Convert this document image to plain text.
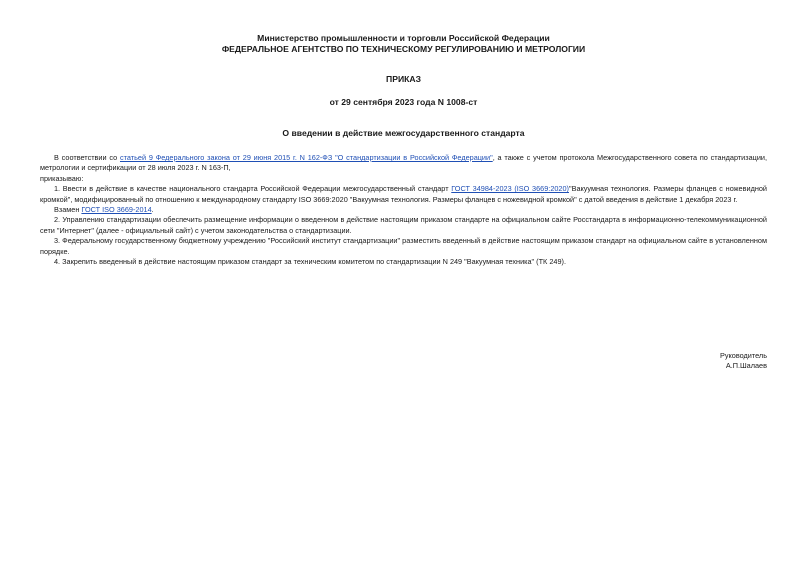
Министерство промышленности и торговли Российской Федерации
ФЕДЕРАЛЬНОЕ АГЕНТСТВО ПО ТЕХНИЧЕСКОМУ РЕГУЛИРОВАНИЮ И МЕТРОЛОГИИ
ПРИКАЗ
от 29 сентября 2023 года N 1008-ст
О введении в действие межгосударственного стандарта

В соответствии со статьей 9 Федерального закона от 29 июня 2015 г. N 162-ФЗ "О стандартизации в Российской Федерации", а также с учетом протокола Межгосударственного совета по стандартизации, метрологии и сертификации от 28 июля 2023 г. N 163-П,

приказываю:

1. Ввести в действие в качестве национального стандарта Российской Федерации межгосударственный стандарт ГОСТ 34984-2023 (ISO 3669:2020)"Вакуумная технология. Размеры фланцев с ножевидной кромкой", модифицированный по отношению к международному стандарту ISO 3669:2020 "Вакуумная технология. Размеры фланцев с ножевидной кромкой" с датой введения в действие 1 декабря 2023 г.

Взамен ГОСТ ISO 3669-2014.

2. Управлению стандартизации обеспечить размещение информации о введенном в действие настоящим приказом стандарте на официальном сайте Росстандарта в информационно-телекоммуникационной сети "Интернет" (далее - официальный сайт) с учетом законодательства о стандартизации.

3. Федеральному государственному бюджетному учреждению "Российский институт стандартизации" разместить введенный в действие настоящим приказом стандарт на официальном сайте в установленном порядке.

4. Закрепить введенный в действие настоящим приказом стандарт за техническим комитетом по стандартизации N 249 "Вакуумная техника" (ТК 249).

Руководитель
А.П.Шалаев
